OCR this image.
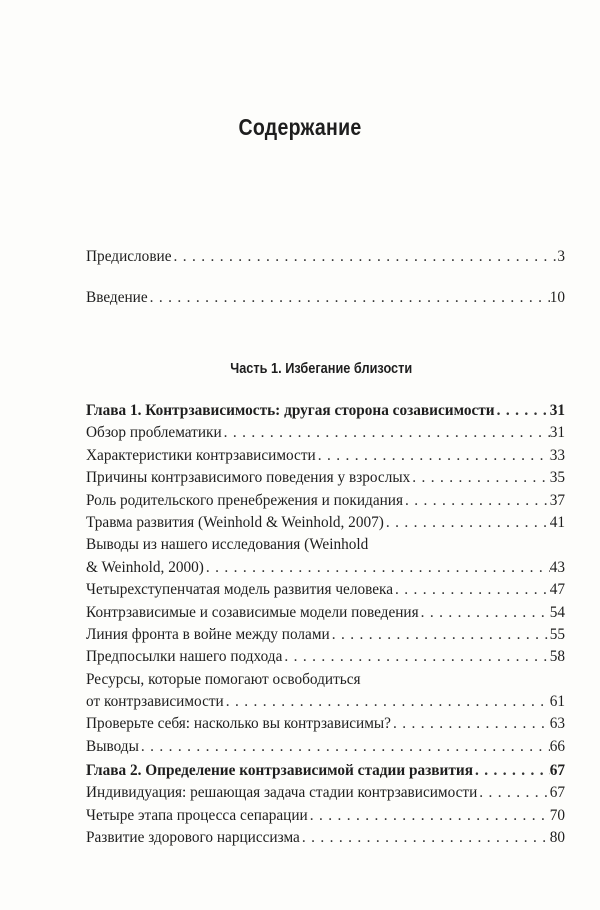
Содержание
Предисловие . . .	3
Введение . . .	10
Часть 1. Избегание близости
Глава 1. Контрзависимость: другая сторона созависимости . . .	31
Обзор проблематики . . .	31
Характеристики контрзависимости . . .	33
Причины контрзависимого поведения у взрослых . . .	35
Роль родительского пренебрежения и покидания . . .	37
Травма развития (Weinhold & Weinhold, 2007) . . .	41
Выводы из нашего исследования (Weinhold
& Weinhold, 2000) . . .	43
Четырехступенчатая модель развития человека . . .	47
Контрзависимые и созависимые модели поведения . . .	54
Линия фронта в войне между полами . . .	55
Предпосылки нашего подхода . . .	58
Ресурсы, которые помогают освободиться
от контрзависимости . . .	61
Проверьте себя: насколько вы контрзависимы? . . .	63
Выводы . . .	66
Глава 2. Определение контрзависимой стадии развития . . .	67
Индивидуация: решающая задача стадии контрзависимости . . .	67
Четыре этапа процесса сепарации . . .	70
Развитие здорового нарциссизма . . .	80
